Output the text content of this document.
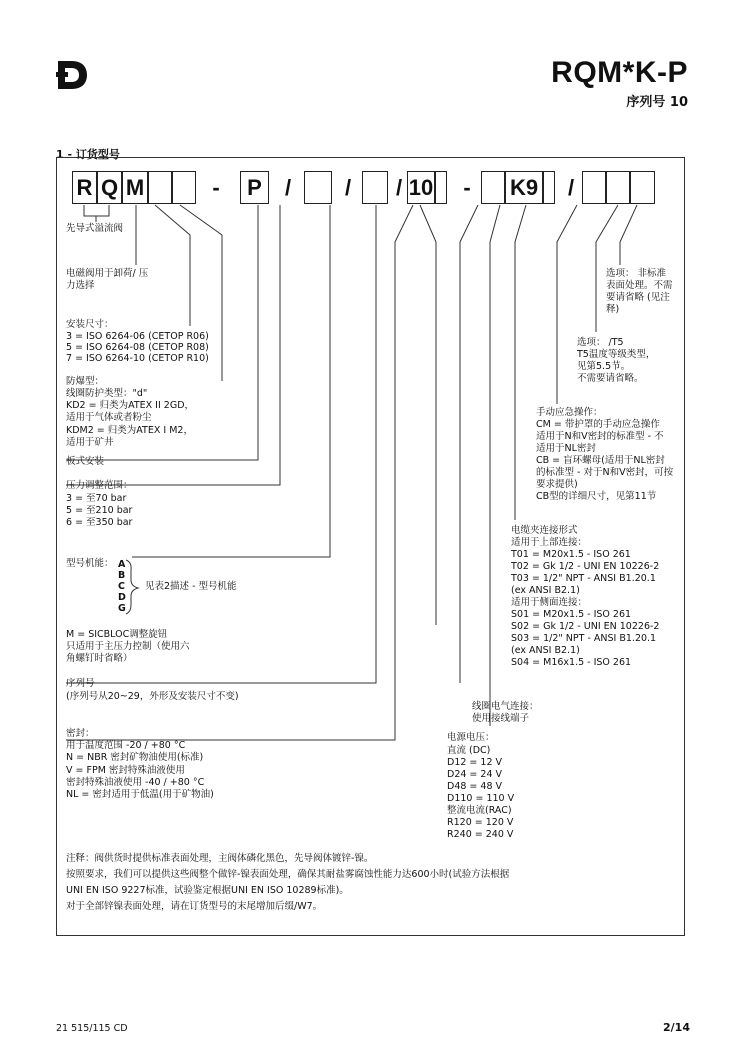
RQM*K-P
序列号 10
1 - 订货型号
R Q M	-	P	/	/	/ 10	-	K9	/
先导式溢流阀
电磁阀用于卸荷/ 压
力选择
安装尺寸：
3 = ISO 6264-06 (CETOP R06)
5 = ISO 6264-08 (CETOP R08)
7 = ISO 6264-10 (CETOP R10)
防爆型：
线圈防护类型："d"
KD2 = 归类为ATEX II 2GD，
适用于气体或者粉尘
KDM2 = 归类为ATEX I M2，
适用于矿井
板式安装
压力调整范围：
3 = 至70 bar
5 = 至210 bar
6 = 至350 bar
型号机能： A
B
C
D
G
见表2描述 - 型号机能
M = SICBLOC调整旋钮
只适用于主压力控制（使用六
角螺钉时省略）
序列号
(序列号从20~29，外形及安装尺寸不变)
密封：
用于温度范围 -20 / +80 °C
N = NBR 密封矿物油使用(标准)
V = FPM 密封特殊油液使用
密封特殊油液使用 -40 / +80 °C
NL = 密封适用于低温(用于矿物油)
选项： 非标准
表面处理。不需
要请省略 (见注
释)
选项： /T5
T5温度等级类型，
见第5.5节。
不需要请省略。
手动应急操作：
CM = 带护罩的手动应急操作
适用于N和V密封的标准型 - 不
适用于NL密封
CB = 盲环螺母(适用于NL密封
的标准型 - 对于N和V密封，可按
要求提供)
CB型的详细尺寸，见第11节
电缆夹连接形式
适用于上部连接：
T01 = M20x1.5 - ISO 261
T02 = Gk 1/2 - UNI EN 10226-2
T03 = 1/2" NPT - ANSI B1.20.1
(ex ANSI B2.1)
适用于侧面连接：
S01 = M20x1.5 - ISO 261
S02 = Gk 1/2 - UNI EN 10226-2
S03 = 1/2" NPT - ANSI B1.20.1
(ex ANSI B2.1)
S04 = M16x1.5 - ISO 261
线圈电气连接：
使用接线端子
电源电压：
直流 (DC)
D12 = 12 V
D24 = 24 V
D48 = 48 V
D110 = 110 V
整流电流(RAC)
R120 = 120 V
R240 = 240 V
注释：阀供货时提供标准表面处理，主阀体磷化黑色，先导阀体镀锌-镍。
按照要求，我们可以提供这些阀整个做锌-镍表面处理，确保其耐盐雾腐蚀性能力达600小时(试验方法根据
UNI EN ISO 9227标准，试验鉴定根据UNI EN ISO 10289标准)。
对于全部锌镍表面处理，请在订货型号的末尾增加后缀/W7。
21 515/115 CD	2/14
